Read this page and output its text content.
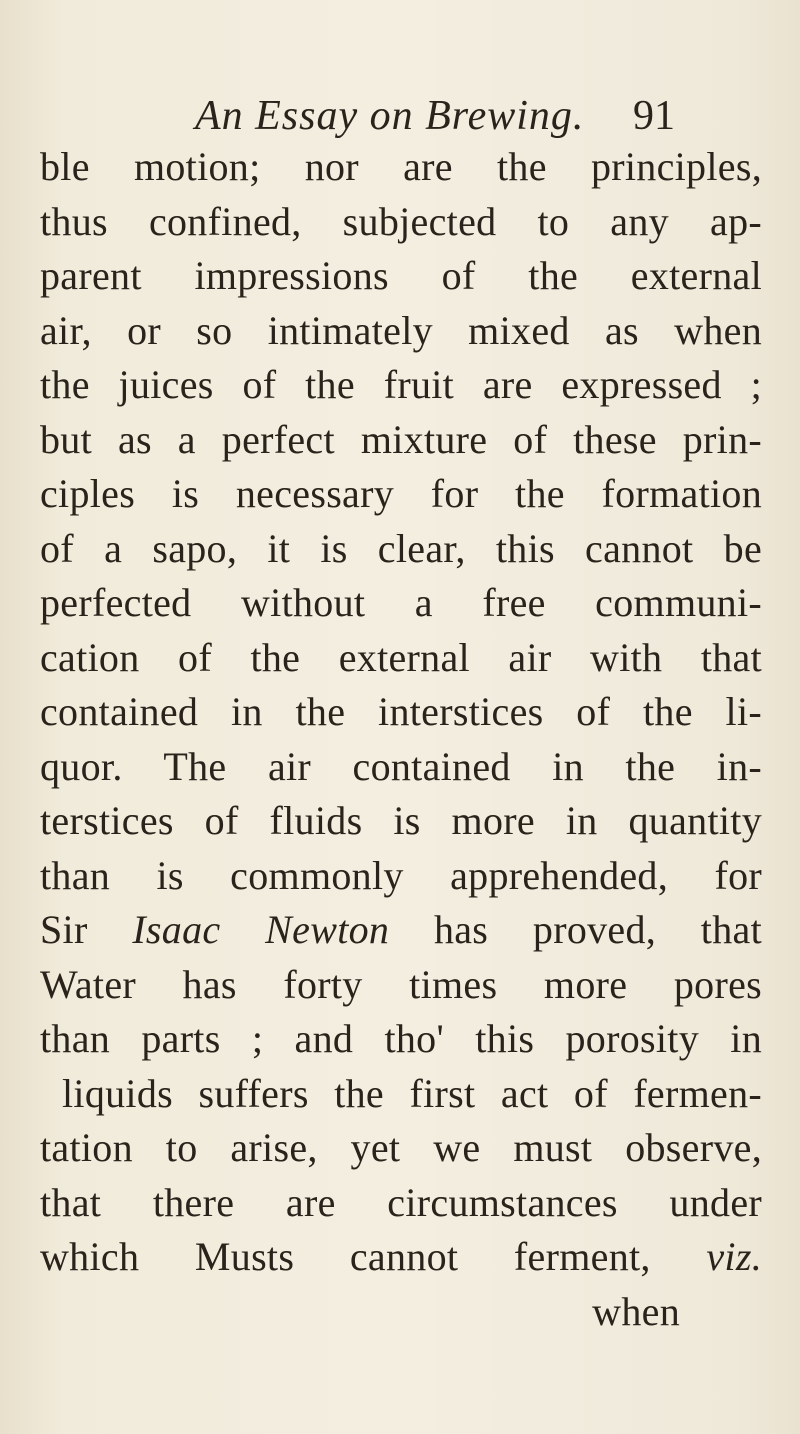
An Essay on Brewing. 91
ble motion; nor are the principles,
thus confined, subjected to any ap-
parent impressions of the external
air, or so intimately mixed as when
the juices of the fruit are expressed ;
but as a perfect mixture of these prin-
ciples is necessary for the formation
of a sapo, it is clear, this cannot be
perfected without a free communi-
cation of the external air with that
contained in the interstices of the li-
quor. The air contained in the in-
terstices of fluids is more in quantity
than is commonly apprehended, for
Sir Isaac Newton has proved, that
Water has forty times more pores
than parts ; and tho' this porosity in
liquids suffers the first act of fermen-
tation to arise, yet we must observe,
that there are circumstances under
which Musts cannot ferment, viz.
when
